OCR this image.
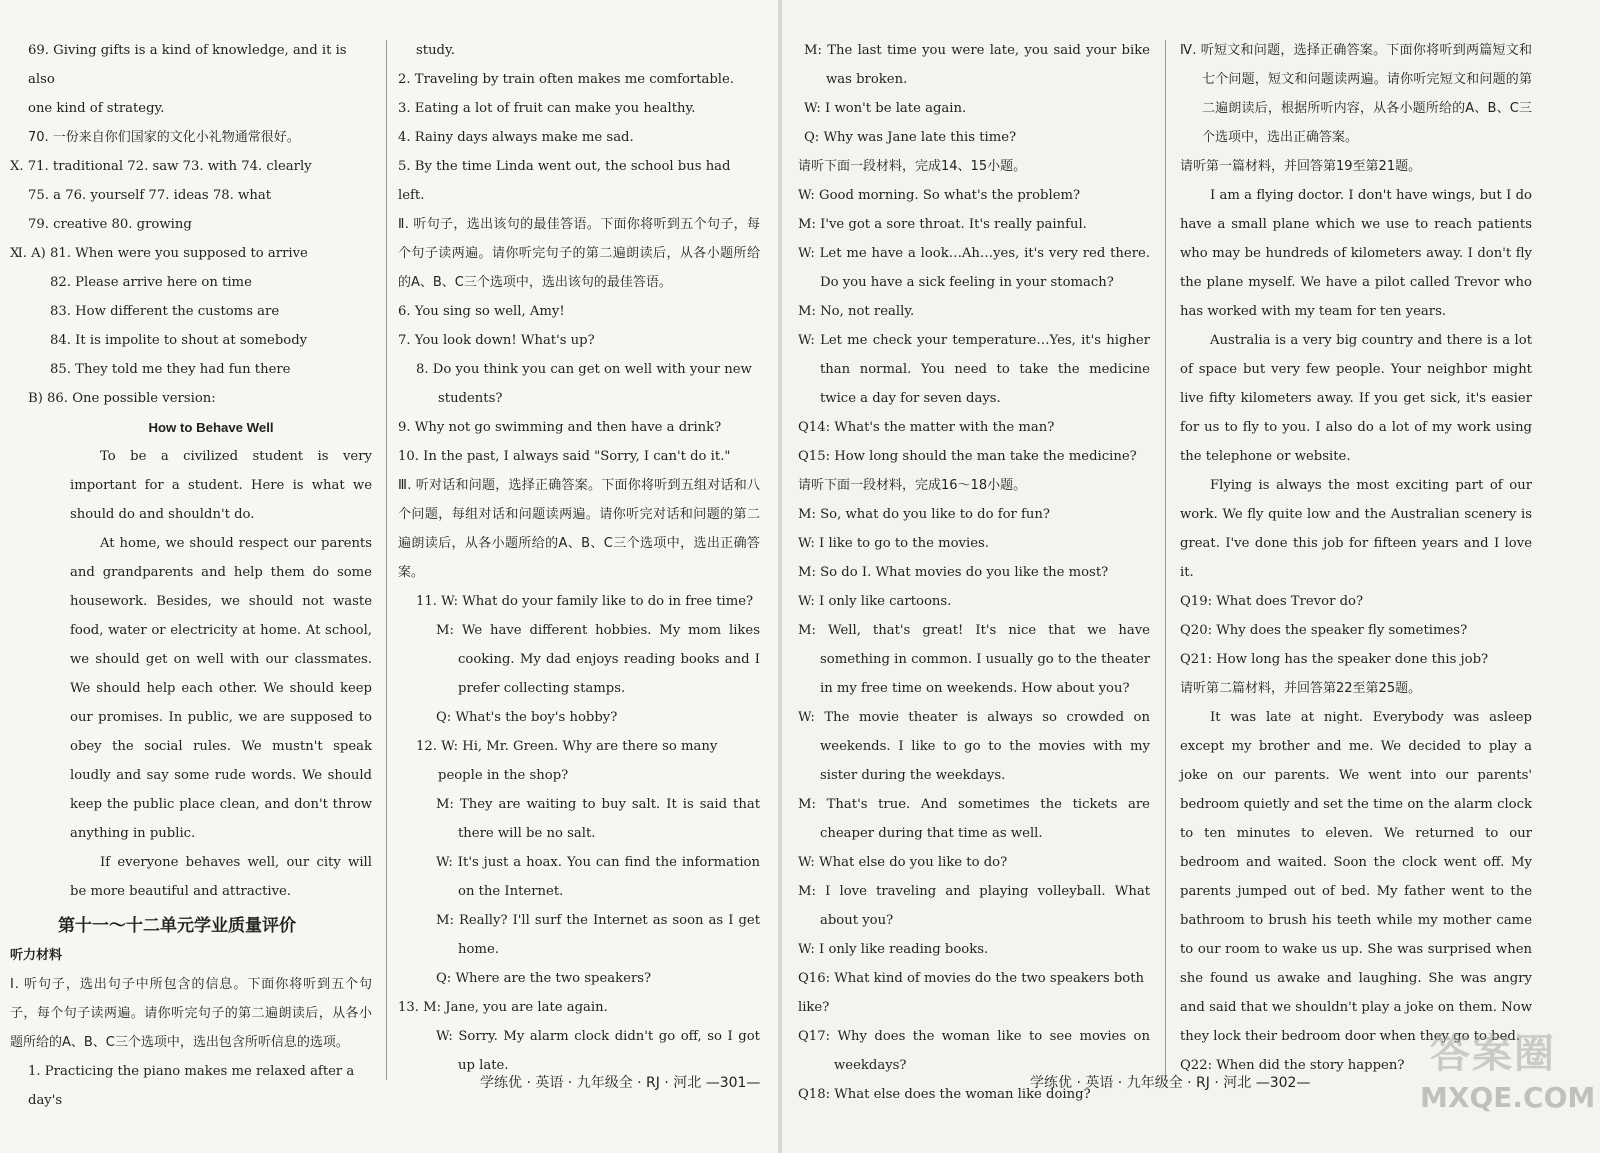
69. Giving gifts is a kind of knowledge, and it is also

one kind of strategy.

70. 一份来自你们国家的文化小礼物通常很好。

Ⅹ. 71. traditional 72. saw 73. with 74. clearly

75. a 76. yourself 77. ideas 78. what

79. creative 80. growing

Ⅺ. A) 81. When were you supposed to arrive

82. Please arrive here on time

83. How different the customs are

84. It is impolite to shout at somebody

85. They told me they had fun there

B) 86. One possible version:

How to Behave Well

To be a civilized student is very important for a student. Here is what we should do and shouldn't do.

At home, we should respect our parents and grandparents and help them do some housework. Besides, we should not waste food, water or electricity at home. At school, we should get on well with our classmates. We should help each other. We should keep our promises. In public, we are supposed to obey the social rules. We mustn't speak loudly and say some rude words. We should keep the public place clean, and don't throw anything in public.

If everyone behaves well, our city will be more beautiful and attractive.

第十一～十二单元学业质量评价

听力材料

Ⅰ. 听句子，选出句子中所包含的信息。下面你将听到五个句子，每个句子读两遍。请你听完句子的第二遍朗读后，从各小题所给的A、B、C三个选项中，选出包含所听信息的选项。

1. Practicing the piano makes me relaxed after a day's

study.

2. Traveling by train often makes me comfortable.

3. Eating a lot of fruit can make you healthy.

4. Rainy days always make me sad.

5. By the time Linda went out, the school bus had left.

Ⅱ. 听句子，选出该句的最佳答语。下面你将听到五个句子，每个句子读两遍。请你听完句子的第二遍朗读后，从各小题所给的A、B、C三个选项中，选出该句的最佳答语。

6. You sing so well, Amy!

7. You look down! What's up?

8. Do you think you can get on well with your new students?

9. Why not go swimming and then have a drink?

10. In the past, I always said "Sorry, I can't do it."

Ⅲ. 听对话和问题，选择正确答案。下面你将听到五组对话和八个问题，每组对话和问题读两遍。请你听完对话和问题的第二遍朗读后，从各小题所给的A、B、C三个选项中，选出正确答案。

11. W: What do your family like to do in free time?

M: We have different hobbies. My mom likes cooking. My dad enjoys reading books and I prefer collecting stamps.

Q: What's the boy's hobby?

12. W: Hi, Mr. Green. Why are there so many people in the shop?

M: They are waiting to buy salt. It is said that there will be no salt.

W: It's just a hoax. You can find the information on the Internet.

M: Really? I'll surf the Internet as soon as I get home.

Q: Where are the two speakers?

13. M: Jane, you are late again.

W: Sorry. My alarm clock didn't go off, so I got up late.

M: The last time you were late, you said your bike was broken.

W: I won't be late again.

Q: Why was Jane late this time?

请听下面一段材料，完成14、15小题。

W: Good morning. So what's the problem?

M: I've got a sore throat. It's really painful.

W: Let me have a look…Ah…yes, it's very red there. Do you have a sick feeling in your stomach?

M: No, not really.

W: Let me check your temperature…Yes, it's higher than normal. You need to take the medicine twice a day for seven days.

Q14: What's the matter with the man?

Q15: How long should the man take the medicine?

请听下面一段材料，完成16～18小题。

M: So, what do you like to do for fun?

W: I like to go to the movies.

M: So do I. What movies do you like the most?

W: I only like cartoons.

M: Well, that's great! It's nice that we have something in common. I usually go to the theater in my free time on weekends. How about you?

W: The movie theater is always so crowded on weekends. I like to go to the movies with my sister during the weekdays.

M: That's true. And sometimes the tickets are cheaper during that time as well.

W: What else do you like to do?

M: I love traveling and playing volleyball. What about you?

W: I only like reading books.

Q16: What kind of movies do the two speakers both like?

Q17: Why does the woman like to see movies on weekdays?

Q18: What else does the woman like doing?

Ⅳ. 听短文和问题，选择正确答案。下面你将听到两篇短文和七个问题，短文和问题读两遍。请你听完短文和问题的第二遍朗读后，根据所听内容，从各小题所给的A、B、C三个选项中，选出正确答案。

请听第一篇材料，并回答第19至第21题。

I am a flying doctor. I don't have wings, but I do have a small plane which we use to reach patients who may be hundreds of kilometers away. I don't fly the plane myself. We have a pilot called Trevor who has worked with my team for ten years.

Australia is a very big country and there is a lot of space but very few people. Your neighbor might live fifty kilometers away. If you get sick, it's easier for us to fly to you. I also do a lot of my work using the telephone or website.

Flying is always the most exciting part of our work. We fly quite low and the Australian scenery is great. I've done this job for fifteen years and I love it.

Q19: What does Trevor do?

Q20: Why does the speaker fly sometimes?

Q21: How long has the speaker done this job?

请听第二篇材料，并回答第22至第25题。

It was late at night. Everybody was asleep except my brother and me. We decided to play a joke on our parents. We went into our parents' bedroom quietly and set the time on the alarm clock to ten minutes to eleven. We returned to our bedroom and waited. Soon the clock went off. My parents jumped out of bed. My father went to the bathroom to brush his teeth while my mother came to our room to wake us up. She was surprised when she found us awake and laughing. She was angry and said that we shouldn't play a joke on them. Now they lock their bedroom door when they go to bed.

Q22: When did the story happen?

学练优 · 英语 · 九年级全 · RJ · 河北 —301—	学练优 · 英语 · 九年级全 · RJ · 河北 —302—
答案圈
MXQE.COM
